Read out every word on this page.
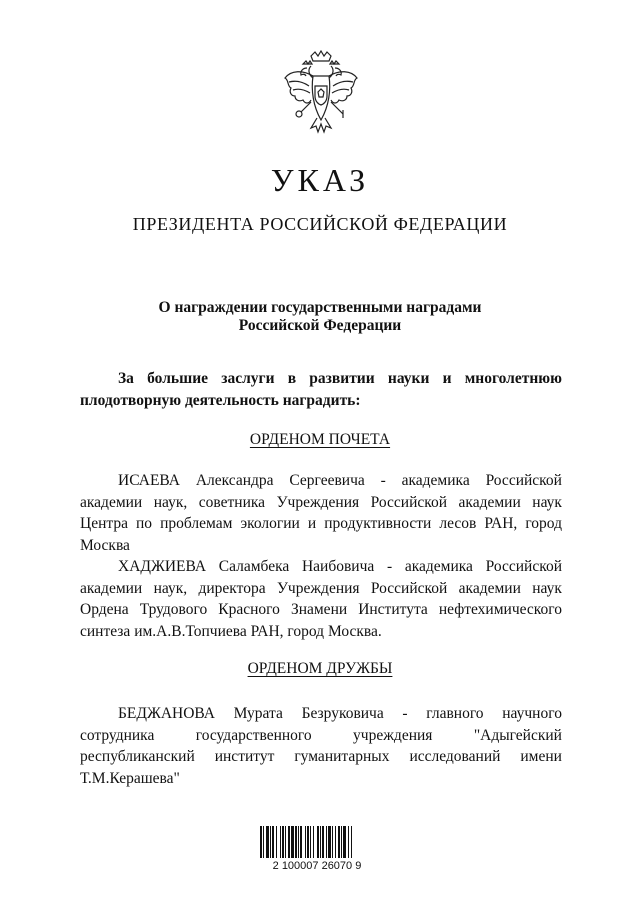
УКАЗ
ПРЕЗИДЕНТА РОССИЙСКОЙ ФЕДЕРАЦИИ
О награждении государственными наградами
Российской Федерации
За большие заслуги в развитии науки и многолетнюю
плодотворную деятельность наградить:
ОРДЕНОМ ПОЧЕТА
ИСАЕВА Александра Сергеевича - академика Российской
академии наук, советника Учреждения Российской академии наук
Центра по проблемам экологии и продуктивности лесов РАН, город
Москва
ХАДЖИЕВА Саламбека Наибовича - академика Российской
академии наук, директора Учреждения Российской академии наук
Ордена Трудового Красного Знамени Института нефтехимического
синтеза им.А.В.Топчиева РАН, город Москва.
ОРДЕНОМ ДРУЖБЫ
БЕДЖАНОВА Мурата Безруковича - главного научного
сотрудника	государственного	учреждения	"Адыгейский
республиканский институт гуманитарных исследований имени
Т.М.Керашева"
2 100007 26070 9
